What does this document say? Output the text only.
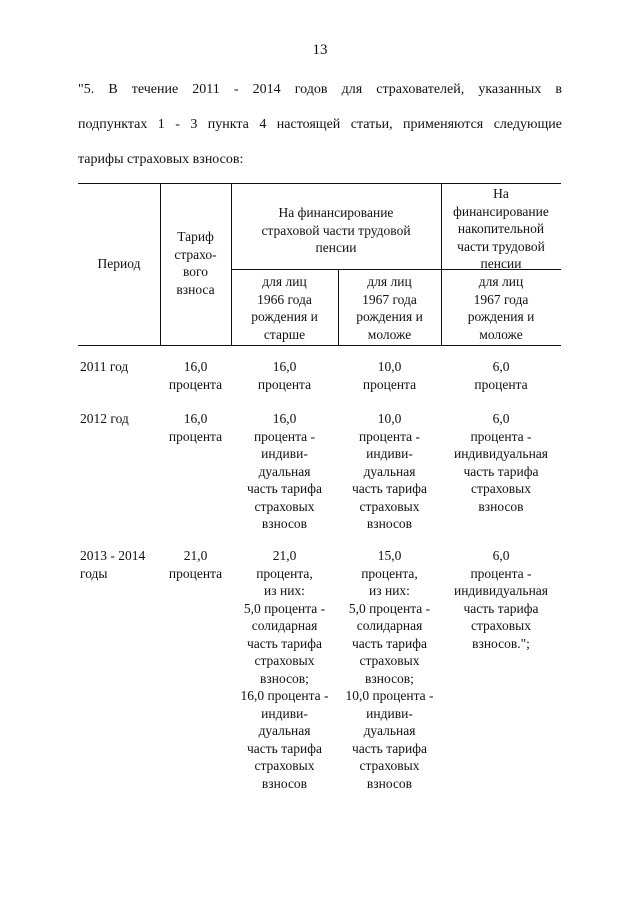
13
"5. В течение 2011 - 2014 годов для страхователей, указанных в
подпунктах 1 - 3 пункта 4 настоящей статьи, применяются следующие
тарифы страховых взносов:
Период
Тариф
страхо-
вого
взноса
На финансирование
страховой части трудовой
пенсии
На
финансирование
накопительной
части трудовой
пенсии
для лиц
1966 года
рождения и
старше
для лиц
1967 года
рождения и
моложе
для лиц
1967 года
рождения и
моложе
2011 год	16,0
процента
16,0
процента
10,0
процента
6,0
процента
2012 год	16,0
процента
16,0
процента -
индиви-
дуальная
часть тарифа
страховых
взносов
10,0
процента -
индиви-
дуальная
часть тарифа
страховых
взносов
6,0
процента -
индивидуальная
часть тарифа
страховых
взносов
2013 - 2014
годы
21,0
процента
21,0
процента,
из них:
5,0 процента -
солидарная
часть тарифа
страховых
взносов;
16,0 процента -
индиви-
дуальная
часть тарифа
страховых
взносов
15,0
процента,
из них:
5,0 процента -
солидарная
часть тарифа
страховых
взносов;
10,0 процента -
индиви-
дуальная
часть тарифа
страховых
взносов
6,0
процента -
индивидуальная
часть тарифа
страховых
взносов.";
